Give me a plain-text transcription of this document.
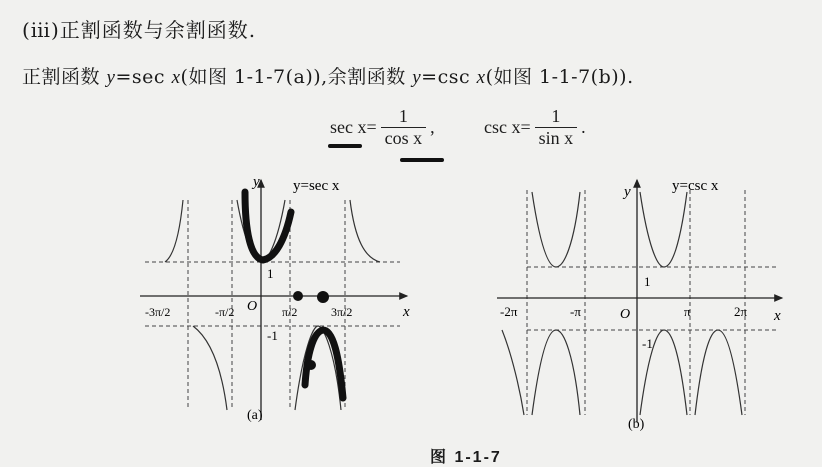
(ⅲ)正割函数与余割函数.
正割函数 y=sec x(如图 1-1-7(a)),余割函数 y=csc x(如图 1-1-7(b)).
$\sec x= \frac{1}{\text{cos x}}$ ,	$\csc x= \frac{1}{\text{sin x}}$ .
y y=sec x
x
O
1
-1
-3π/2	-π/2	π/2	3π/2
(a)
y	y=csc x
x
O
1
-1
-2π	-π	π	2π
(b)
图 1-1-7
